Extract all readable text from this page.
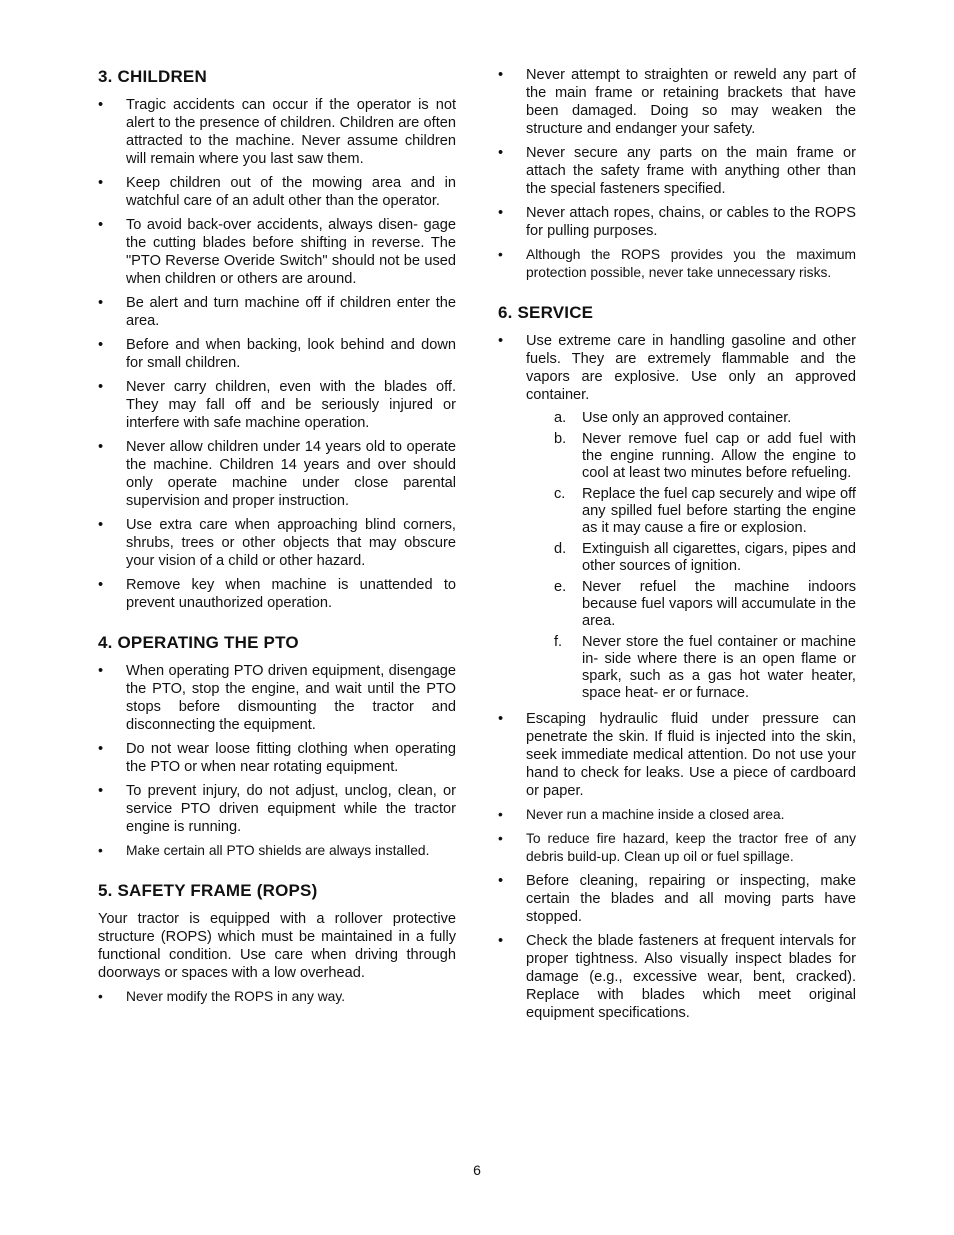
3. CHILDREN
• Tragic accidents can occur if the operator is not alert to the presence of children. Children are often attracted to the machine. Never assume children will remain where you last saw them.
• Keep children out of the mowing area and in watchful care of an adult other than the operator.
• To avoid back-over accidents, always disen- gage the cutting blades before shifting in reverse. The "PTO Reverse Overide Switch" should not be used when children or others are around.
• Be alert and turn machine off if children enter the area.
• Before and when backing, look behind and down for small children.
• Never carry children, even with the blades off. They may fall off and be seriously injured or interfere with safe machine operation.
• Never allow children under 14 years old to operate the machine. Children 14 years and over should only operate machine under close parental supervision and proper instruction.
• Use extra care when approaching blind corners, shrubs, trees or other objects that may obscure your vision of a child or other hazard.
• Remove key when machine is unattended to prevent unauthorized operation.
4. OPERATING THE PTO
• When operating PTO driven equipment, disengage the PTO, stop the engine, and wait until the PTO stops before dismounting the tractor and disconnecting the equipment.
• Do not wear loose fitting clothing when operating the PTO or when near rotating equipment.
• To prevent injury, do not adjust, unclog, clean, or service PTO driven equipment while the tractor engine is running.
• Make certain all PTO shields are always installed.
5. SAFETY FRAME (ROPS)

Your tractor is equipped with a rollover protective structure (ROPS) which must be maintained in a fully functional condition. Use care when driving through doorways or spaces with a low overhead.

• Never modify the ROPS in any way.
• Never attempt to straighten or reweld any part of the main frame or retaining brackets that have been damaged. Doing so may weaken the structure and endanger your safety.
• Never secure any parts on the main frame or attach the safety frame with anything other than the special fasteners specified.
• Never attach ropes, chains, or cables to the ROPS for pulling purposes.
• Although the ROPS provides you the maximum protection possible, never take unnecessary risks.
6. SERVICE
• Use extreme care in handling gasoline and other fuels. They are extremely flammable and the vapors are explosive. Use only an approved container.
a. Use only an approved container.
b. Never remove fuel cap or add fuel with the engine running. Allow the engine to cool at least two minutes before refueling.
c. Replace the fuel cap securely and wipe off any spilled fuel before starting the engine as it may cause a fire or explosion.
d. Extinguish all cigarettes, cigars, pipes and other sources of ignition.
e. Never refuel the machine indoors because fuel vapors will accumulate in the area.
f. Never store the fuel container or machine in- side where there is an open flame or spark, such as a gas hot water heater, space heat- er or furnace.
• Escaping hydraulic fluid under pressure can penetrate the skin. If fluid is injected into the skin, seek immediate medical attention. Do not use your hand to check for leaks. Use a piece of cardboard or paper.
• Never run a machine inside a closed area.
• To reduce fire hazard, keep the tractor free of any debris build-up. Clean up oil or fuel spillage.
• Before cleaning, repairing or inspecting, make certain the blades and all moving parts have stopped.
• Check the blade fasteners at frequent intervals for proper tightness. Also visually inspect blades for damage (e.g., excessive wear, bent, cracked). Replace with blades which meet original equipment specifications.
6
